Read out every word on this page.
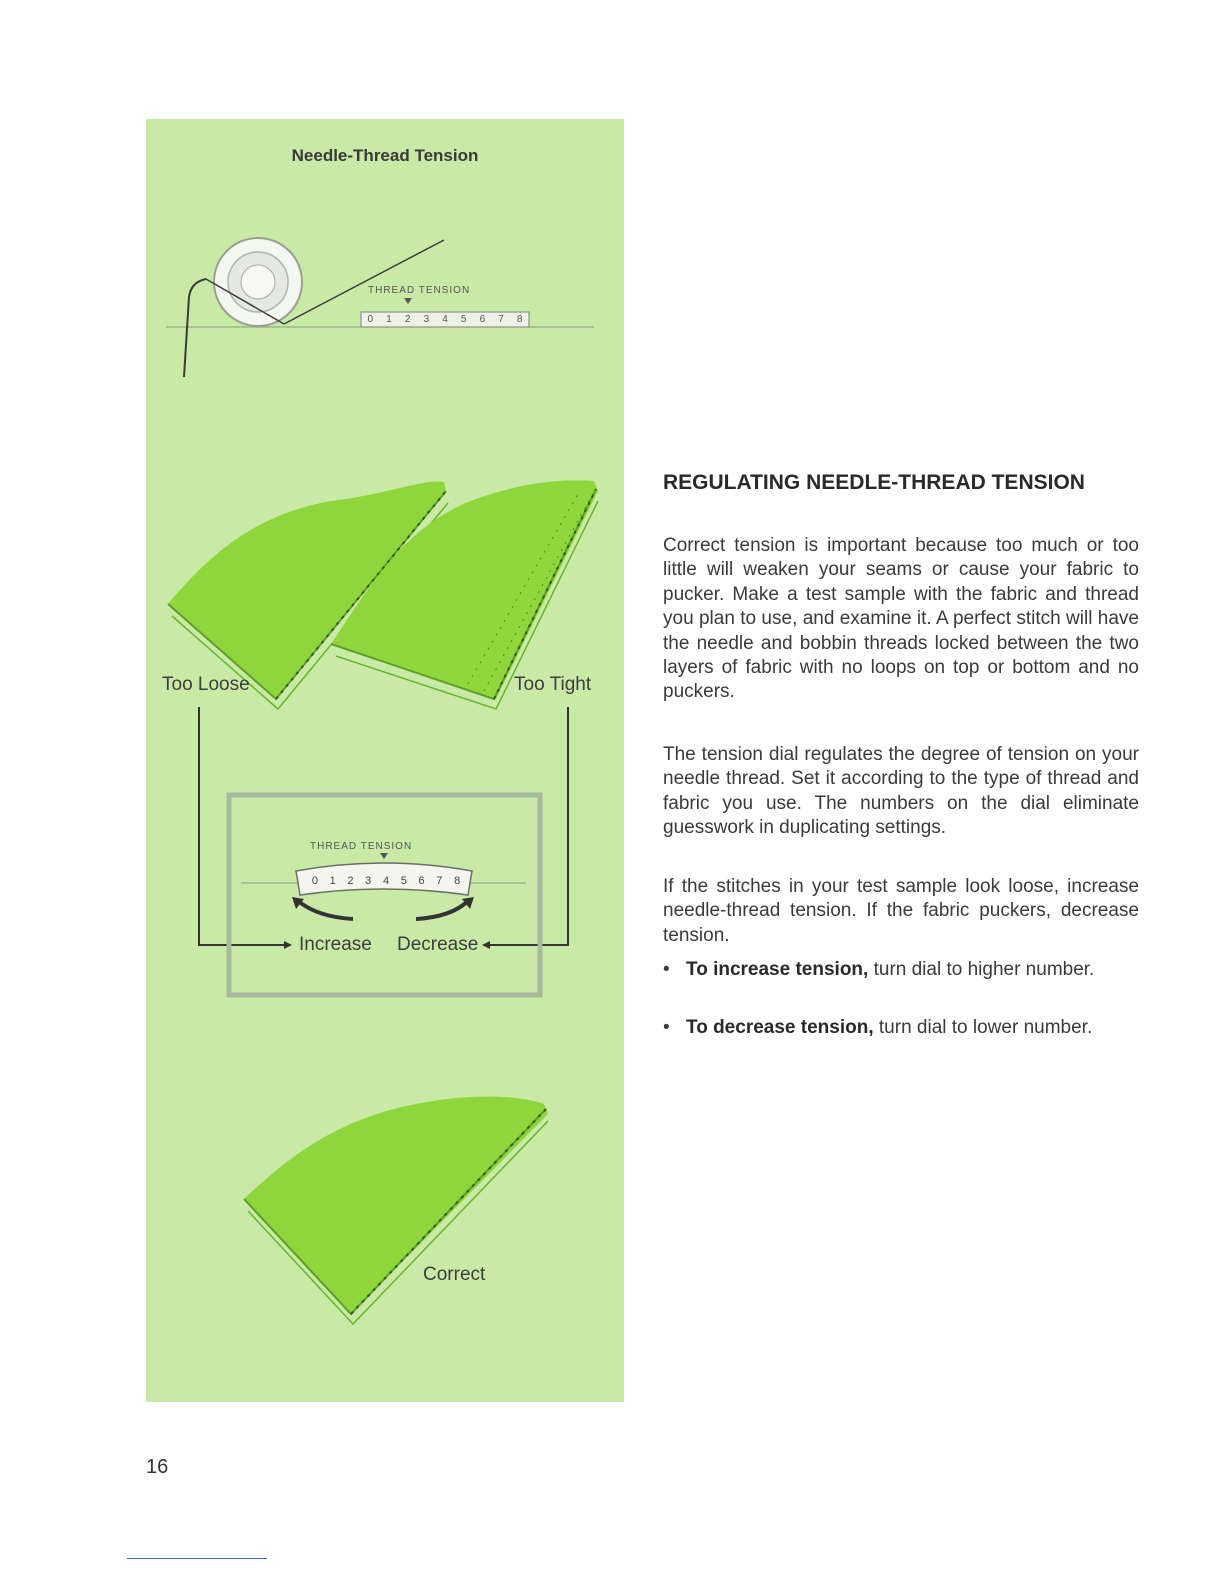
Needle-Thread Tension
THREAD TENSION
0	1	2	3	4	5	6	7	8
Too Loose	Too Tight
THREAD TENSION
0	1	2	3	4	5	6	7	8
Increase Decrease
Correct
REGULATING NEEDLE-THREAD TENSION

Correct tension is important because too much or too little will weaken your seams or cause your fabric to pucker. Make a test sample with the fabric and thread you plan to use, and examine it. A perfect stitch will have the needle and bobbin threads locked between the two layers of fabric with no loops on top or bottom and no puckers.

The tension dial regulates the degree of tension on your needle thread. Set it according to the type of thread and fabric you use. The numbers on the dial eliminate guesswork in duplicating settings.

If the stitches in your test sample look loose, increase needle-thread tension. If the fabric puckers, decrease tension.

• To increase tension, turn dial to higher number.
• To decrease tension, turn dial to lower number.
16
